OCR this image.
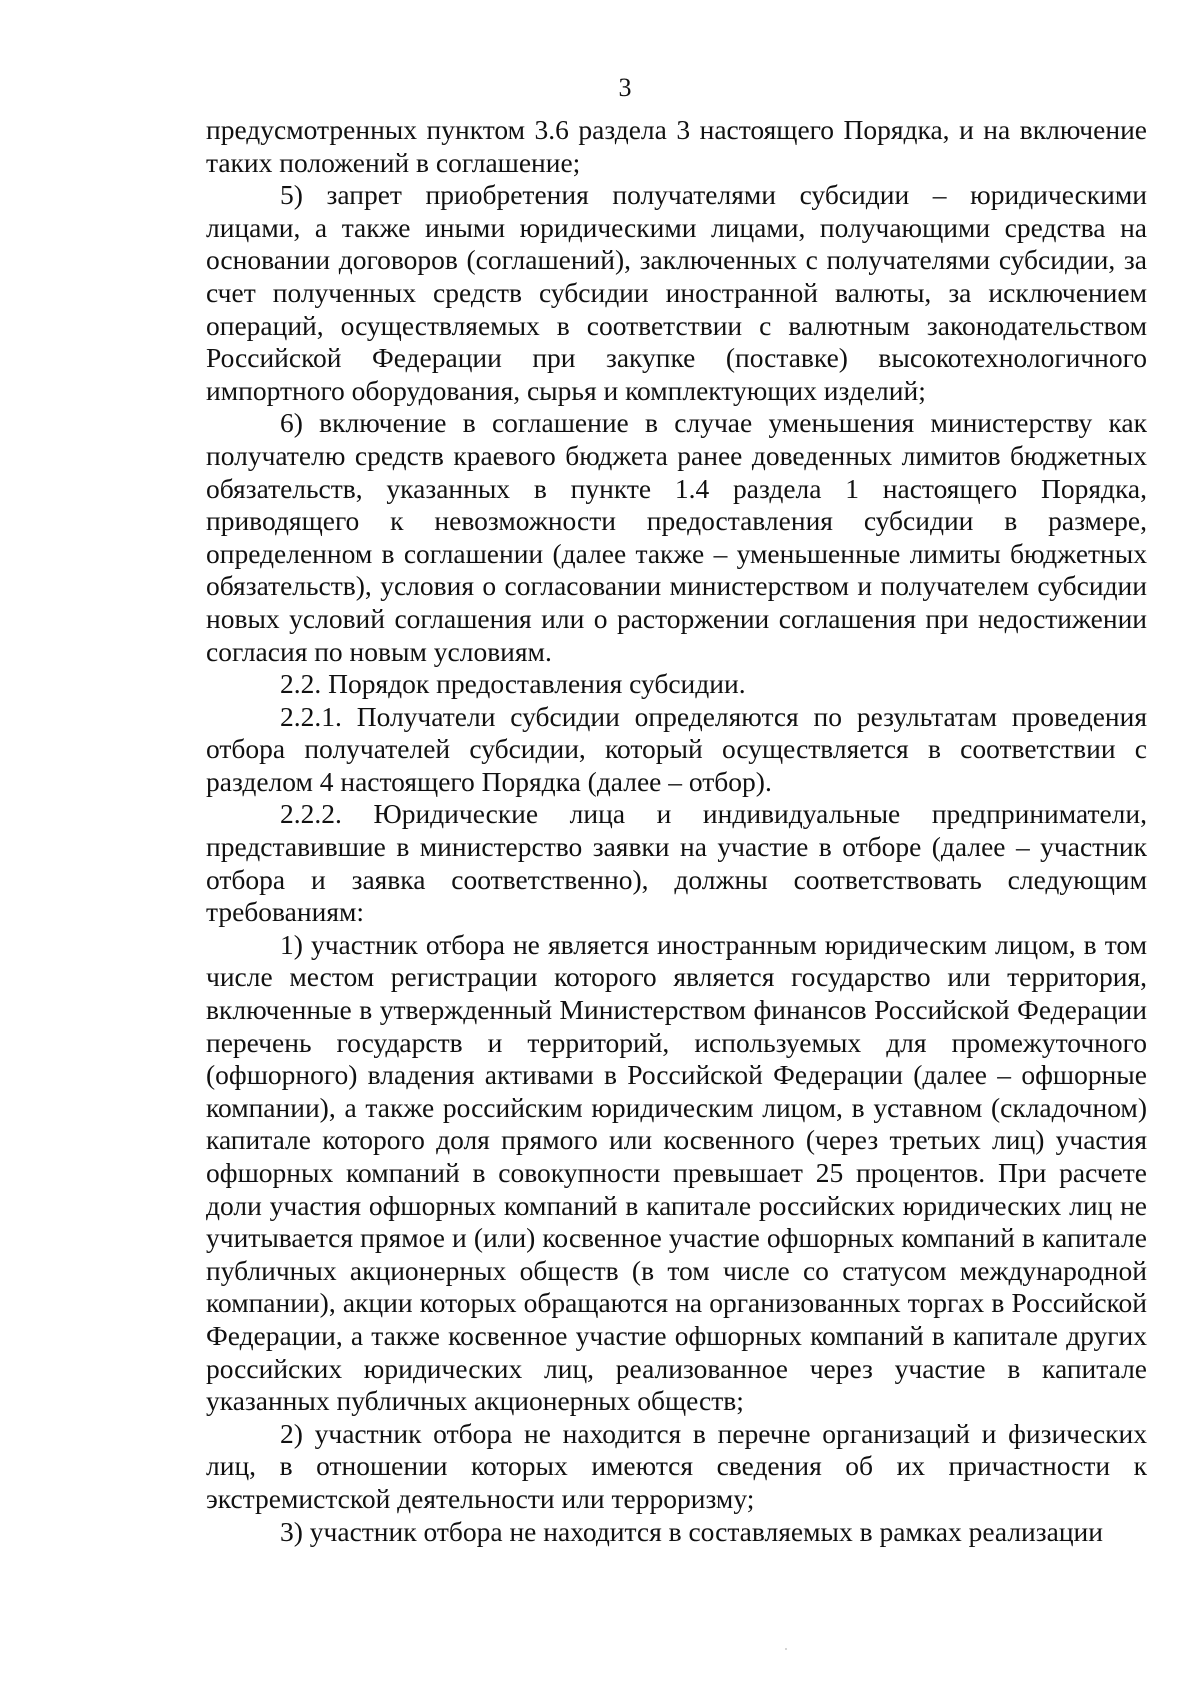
3

предусмотренных пунктом 3.6 раздела 3 настоящего Порядка, и на включение таких положений в соглашение;

5) запрет приобретения получателями субсидии – юридическими лицами, а также иными юридическими лицами, получающими средства на основании договоров (соглашений), заключенных с получателями субсидии, за счет полученных средств субсидии иностранной валюты, за исключением операций, осуществляемых в соответствии с валютным законодательством Российской Федерации при закупке (поставке) высокотехнологичного импортного оборудования, сырья и комплектующих изделий;

6) включение в соглашение в случае уменьшения министерству как получателю средств краевого бюджета ранее доведенных лимитов бюджетных обязательств, указанных в пункте 1.4 раздела 1 настоящего Порядка, приводящего к невозможности предоставления субсидии в размере, определенном в соглашении (далее также – уменьшенные лимиты бюджетных обязательств), условия о согласовании министерством и получателем субсидии новых условий соглашения или о расторжении соглашения при недостижении согласия по новым условиям.

2.2. Порядок предоставления субсидии.

2.2.1. Получатели субсидии определяются по результатам проведения отбора получателей субсидии, который осуществляется в соответствии с разделом 4 настоящего Порядка (далее – отбор).

2.2.2. Юридические лица и индивидуальные предприниматели, представившие в министерство заявки на участие в отборе (далее – участник отбора и заявка соответственно), должны соответствовать следующим требованиям:

1) участник отбора не является иностранным юридическим лицом, в том числе местом регистрации которого является государство или территория, включенные в утвержденный Министерством финансов Российской Федерации перечень государств и территорий, используемых для промежуточного (офшорного) владения активами в Российской Федерации (далее – офшорные компании), а также российским юридическим лицом, в уставном (складочном) капитале которого доля прямого или косвенного (через третьих лиц) участия офшорных компаний в совокупности превышает 25 процентов. При расчете доли участия офшорных компаний в капитале российских юридических лиц не учитывается прямое и (или) косвенное участие офшорных компаний в капитале публичных акционерных обществ (в том числе со статусом международной компании), акции которых обращаются на организованных торгах в Российской Федерации, а также косвенное участие офшорных компаний в капитале других российских юридических лиц, реализованное через участие в капитале указанных публичных акционерных обществ;

2) участник отбора не находится в перечне организаций и физических лиц, в отношении которых имеются сведения об их причастности к экстремистской деятельности или терроризму;

3) участник отбора не находится в составляемых в рамках реализации
